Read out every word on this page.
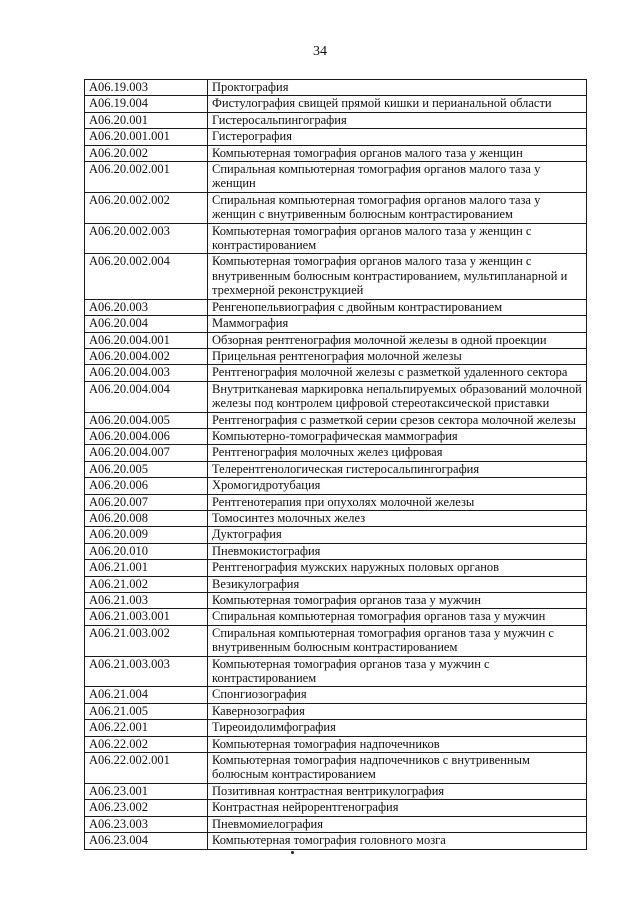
34
A06.19.003	Проктография
A06.19.004	Фистулография свищей прямой кишки и перианальной области
A06.20.001	Гистеросальпингография
A06.20.001.001	Гистерография
A06.20.002	Компьютерная томография органов малого таза у женщин
A06.20.002.001	Спиральная компьютерная томография органов малого таза у женщин
A06.20.002.002	Спиральная компьютерная томография органов малого таза у женщин с внутривенным болюсным контрастированием
A06.20.002.003	Компьютерная томография органов малого таза у женщин с контрастированием
A06.20.002.004	Компьютерная томография органов малого таза у женщин с внутривенным болюсным контрастированием, мультипланарной и трехмерной реконструкцией
A06.20.003	Ренгенопельвиография с двойным контрастированием
A06.20.004	Маммография
A06.20.004.001	Обзорная рентгенография молочной железы в одной проекции
A06.20.004.002	Прицельная рентгенография молочной железы
A06.20.004.003	Рентгенография молочной железы с разметкой удаленного сектора
A06.20.004.004	Внутритканевая маркировка непальпируемых образований молочной железы под контролем цифровой стереотаксической приставки
A06.20.004.005	Рентгенография с разметкой серии срезов сектора молочной железы
A06.20.004.006	Компьютерно-томографическая маммография
A06.20.004.007	Рентгенография молочных желез цифровая
A06.20.005	Телерентгенологическая гистеросальпингография
A06.20.006	Хромогидротубация
A06.20.007	Рентгенотерапия при опухолях молочной железы
A06.20.008	Томосинтез молочных желез
A06.20.009	Дуктография
A06.20.010	Пневмокистография
A06.21.001	Рентгенография мужских наружных половых органов
A06.21.002	Везикулография
A06.21.003	Компьютерная томография органов таза у мужчин
A06.21.003.001	Спиральная компьютерная томография органов таза у мужчин
A06.21.003.002	Спиральная компьютерная томография органов таза у мужчин с внутривенным болюсным контрастированием
A06.21.003.003	Компьютерная томография органов таза у мужчин с контрастированием
A06.21.004	Спонгиозография
A06.21.005	Кавернозография
A06.22.001	Тиреоидолимфография
A06.22.002	Компьютерная томография надпочечников
A06.22.002.001	Компьютерная томография надпочечников с внутривенным болюсным контрастированием
A06.23.001	Позитивная контрастная вентрикулография
A06.23.002	Контрастная нейрорентгенография
A06.23.003	Пневмомиелография
A06.23.004	Компьютерная томография головного мозга
